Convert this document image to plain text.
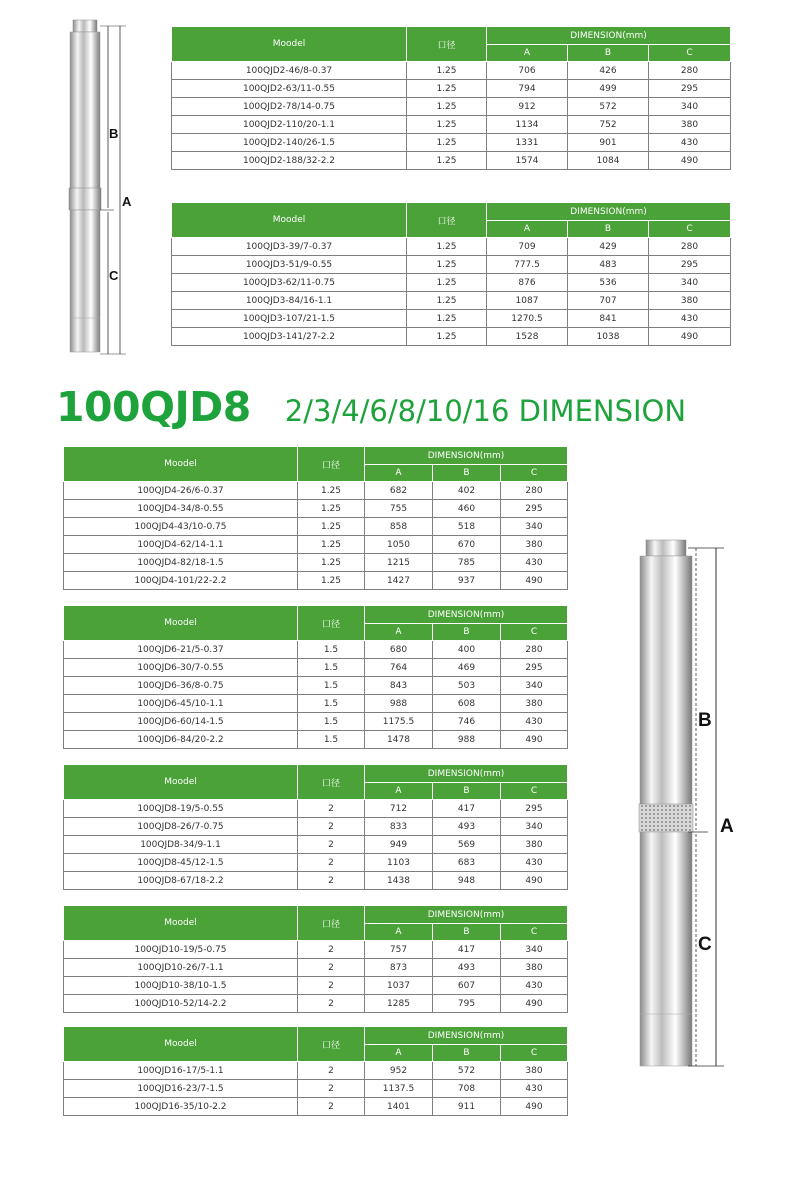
B
A
C
B
A
C
100QJD8 2/3/4/6/8/10/16 DIMENSION
Moodel	口径	DIMENSION(mm)		
		A	B	C
100QJD2-46/8-0.37	1.25	706	426	280
100QJD2-63/11-0.55	1.25	794	499	295
100QJD2-78/14-0.75	1.25	912	572	340
100QJD2-110/20-1.1	1.25	1134	752	380
100QJD2-140/26-1.5	1.25	1331	901	430
100QJD2-188/32-2.2	1.25	1574	1084	490
Moodel	口径	DIMENSION(mm)		
		A	B	C
100QJD3-39/7-0.37	1.25	709	429	280
100QJD3-51/9-0.55	1.25	777.5	483	295
100QJD3-62/11-0.75	1.25	876	536	340
100QJD3-84/16-1.1	1.25	1087	707	380
100QJD3-107/21-1.5	1.25	1270.5	841	430
100QJD3-141/27-2.2	1.25	1528	1038	490
Moodel	口径	DIMENSION(mm)		
		A	B	C
100QJD4-26/6-0.37	1.25	682	402	280
100QJD4-34/8-0.55	1.25	755	460	295
100QJD4-43/10-0.75	1.25	858	518	340
100QJD4-62/14-1.1	1.25	1050	670	380
100QJD4-82/18-1.5	1.25	1215	785	430
100QJD4-101/22-2.2	1.25	1427	937	490
Moodel	口径	DIMENSION(mm)		
		A	B	C
100QJD6-21/5-0.37	1.5	680	400	280
100QJD6-30/7-0.55	1.5	764	469	295
100QJD6-36/8-0.75	1.5	843	503	340
100QJD6-45/10-1.1	1.5	988	608	380
100QJD6-60/14-1.5	1.5	1175.5	746	430
100QJD6-84/20-2.2	1.5	1478	988	490
Moodel	口径	DIMENSION(mm)		
		A	B	C
100QJD8-19/5-0.55	2	712	417	295
100QJD8-26/7-0.75	2	833	493	340
100QJD8-34/9-1.1	2	949	569	380
100QJD8-45/12-1.5	2	1103	683	430
100QJD8-67/18-2.2	2	1438	948	490
Moodel	口径	DIMENSION(mm)		
		A	B	C
100QJD10-19/5-0.75	2	757	417	340
100QJD10-26/7-1.1	2	873	493	380
100QJD10-38/10-1.5	2	1037	607	430
100QJD10-52/14-2.2	2	1285	795	490
Moodel	口径	DIMENSION(mm)		
		A	B	C
100QJD16-17/5-1.1	2	952	572	380
100QJD16-23/7-1.5	2	1137.5	708	430
100QJD16-35/10-2.2	2	1401	911	490
